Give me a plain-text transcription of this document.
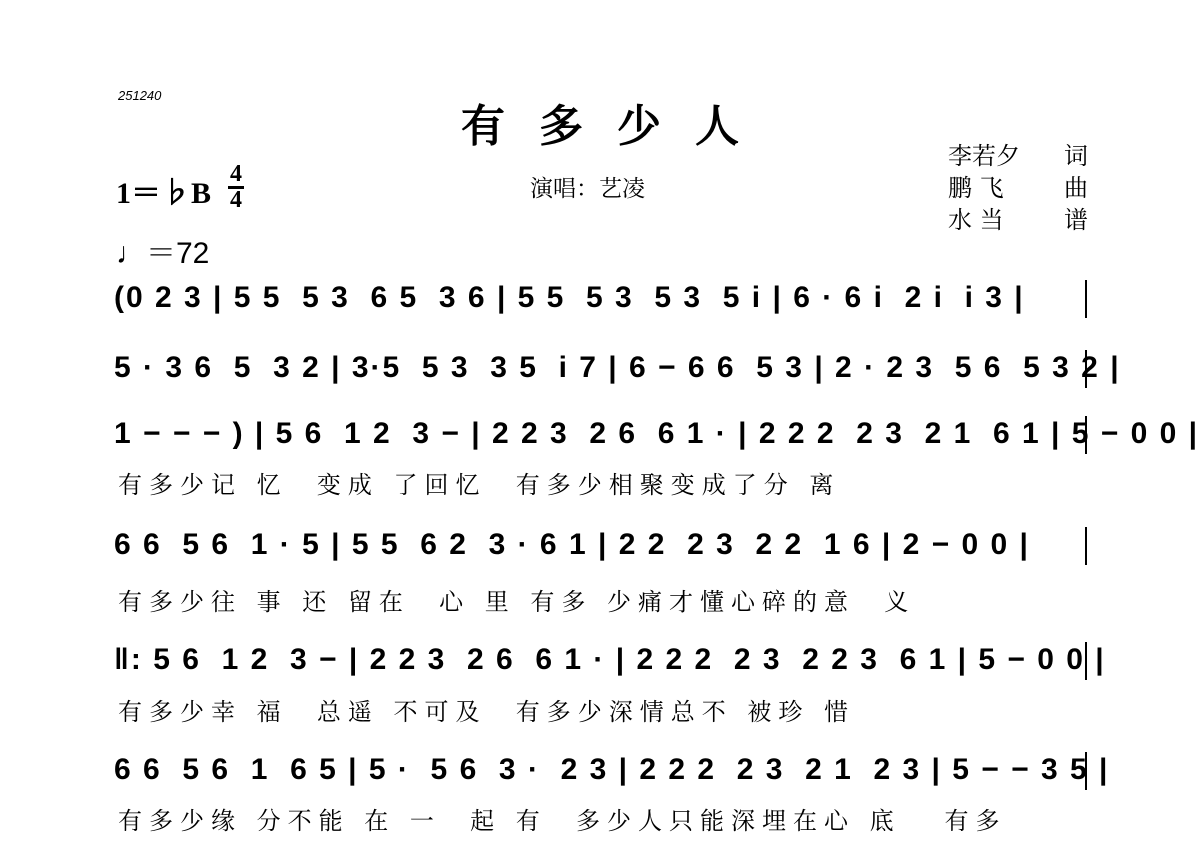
251240
有多少人
李若夕 词
鹏 飞	曲
水 当	谱
演唱：艺凌
1＝♭B
4
4
♩＝72
(0 2 3 | 5 5  5 3  6 5  3 6 | 5 5  5 3  5 3  5 i | 6 · 6 i  2 i  i 3 |
5 · 3 6  5  3 2 | 3·5  5 3  3 5  i 7 | 6 − 6 6  5 3 | 2 · 2 3  5 6  5 3 2 |
1 − − − ) | 5 6  1 2  3 − | 2 2 3  2 6  6 1 · | 2 2 2  2 3  2 1  6 1 | 5 − 0 0 |
有多少记 忆  变成 了回忆  有多少相聚变成了分 离
6 6  5 6  1 · 5 | 5 5  6 2  3 · 6 1 | 2 2  2 3  2 2  1 6 | 2 − 0 0 |
有多少往 事 还 留在  心 里 有多 少痛才懂心碎的意  义
‖: 5 6  1 2  3 − | 2 2 3  2 6  6 1 · | 2 2 2  2 3  2 2 3  6 1 | 5 − 0 0 |
有多少幸 福  总遥 不可及  有多少深情总不 被珍 惜
6 6  5 6  1  6 5 | 5 ·  5 6  3 ·  2 3 | 2 2 2  2 3  2 1  2 3 | 5 − − 3 5 |
有多少缘 分不能 在 一  起 有  多少人只能深埋在心 底   有多
